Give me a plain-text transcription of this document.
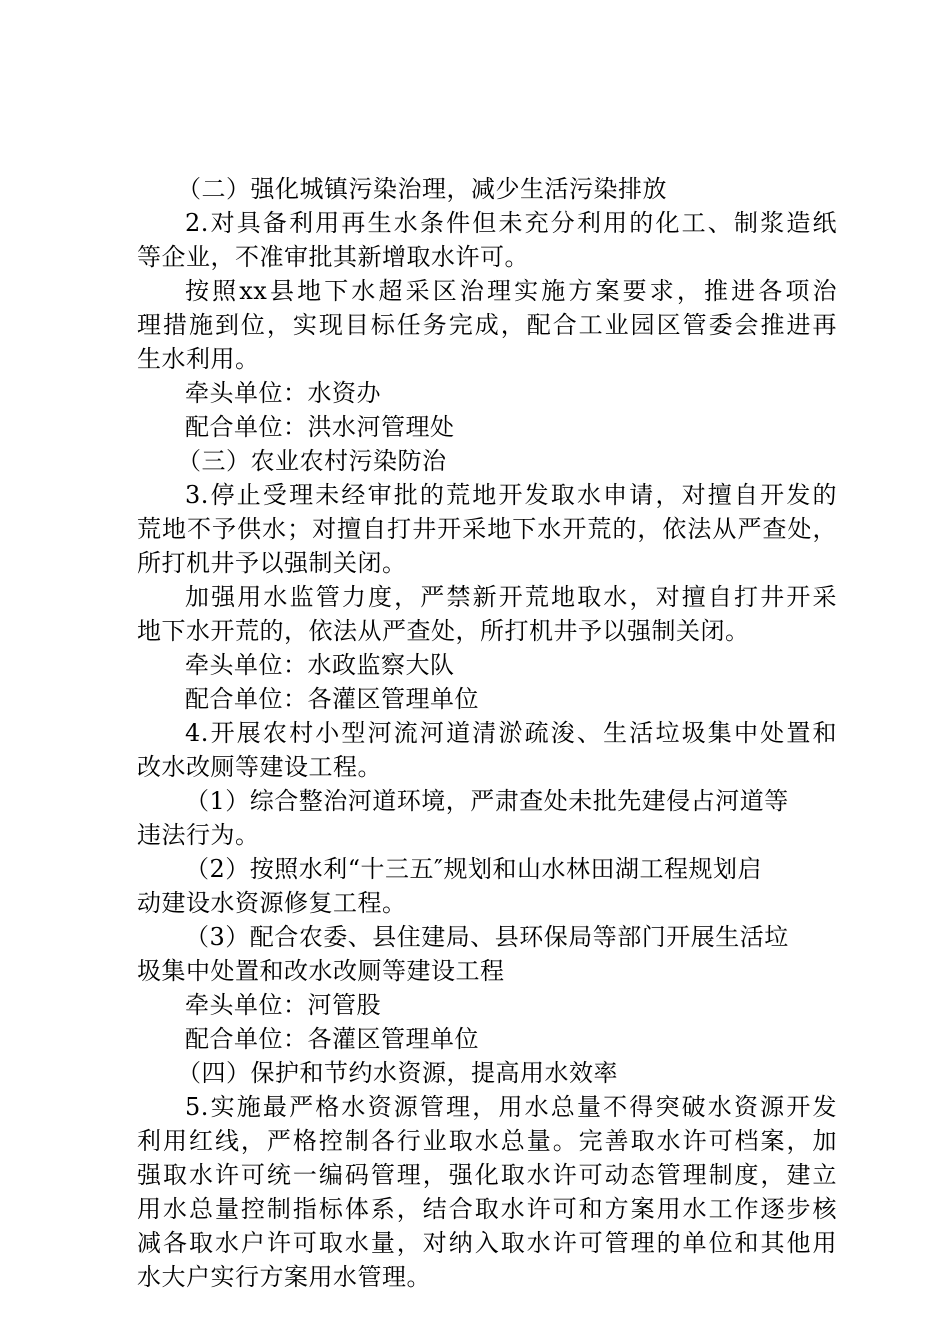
（二）强化城镇污染治理，减少生活污染排放
2.对具备利用再生水条件但未充分利用的化工、制浆造纸
等企业，不准审批其新增取水许可。
按照xx县地下水超采区治理实施方案要求，推进各项治
理措施到位，实现目标任务完成，配合工业园区管委会推进再
生水利用。
牵头单位：水资办
配合单位：洪水河管理处
（三）农业农村污染防治
3.停止受理未经审批的荒地开发取水申请，对擅自开发的
荒地不予供水；对擅自打井开采地下水开荒的，依法从严查处，
所打机井予以强制关闭。
加强用水监管力度，严禁新开荒地取水，对擅自打井开采
地下水开荒的，依法从严查处，所打机井予以强制关闭。
牵头单位：水政监察大队
配合单位：各灌区管理单位
4.开展农村小型河流河道清淤疏浚、生活垃圾集中处置和
改水改厕等建设工程。
（1）综合整治河道环境，严肃查处未批先建侵占河道等
违法行为。
（2）按照水利“十三五″规划和山水林田湖工程规划启
动建设水资源修复工程。
（3）配合农委、县住建局、县环保局等部门开展生活垃
圾集中处置和改水改厕等建设工程
牵头单位：河管股
配合单位：各灌区管理单位
（四）保护和节约水资源，提高用水效率
5.实施最严格水资源管理，用水总量不得突破水资源开发
利用红线，严格控制各行业取水总量。完善取水许可档案，加
强取水许可统一编码管理，强化取水许可动态管理制度，建立
用水总量控制指标体系，结合取水许可和方案用水工作逐步核
减各取水户许可取水量，对纳入取水许可管理的单位和其他用
水大户实行方案用水管理。
